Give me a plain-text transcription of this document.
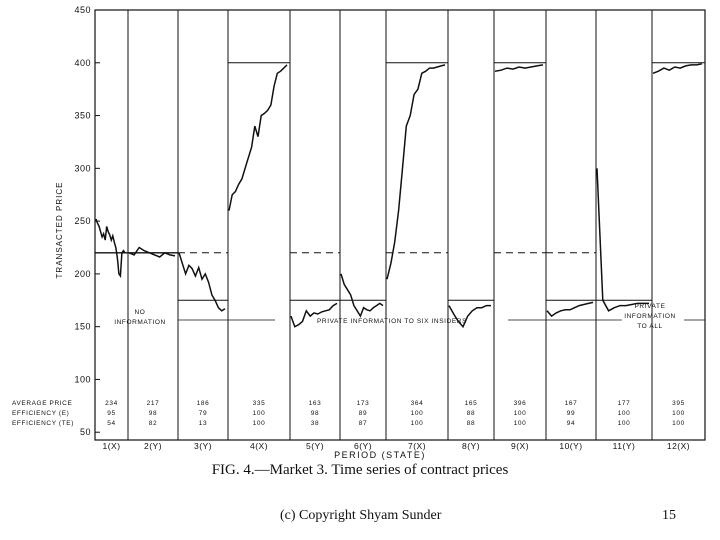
TRANSACTED PRICE
PERIOD (STATE)
FIG. 4.—Market 3. Time series of contract prices
50
100
150
200
250
300
350
400
450
NO
INFORMATION	PRIVATE INFORMATION TO SIX INSIDERS
PRIVATE
INFORMATION
TO ALL
AVERAGE PRICE	234	217	186	335	163	173	364	165	396	167	177	395
EFFICIENCY (E)	95	98	79	100	98	89	100	88	100	99	100	100
EFFICIENCY (TE)	54	82	13	100	38	87	100	88	100	94	100	100
1(X)	2(Y)	3(Y)	4(X)	5(Y)	6(Y)	7(X)	8(Y)	9(X)	10(Y)	11(Y)	12(X)
(c) Copyright Shyam Sunder	15
